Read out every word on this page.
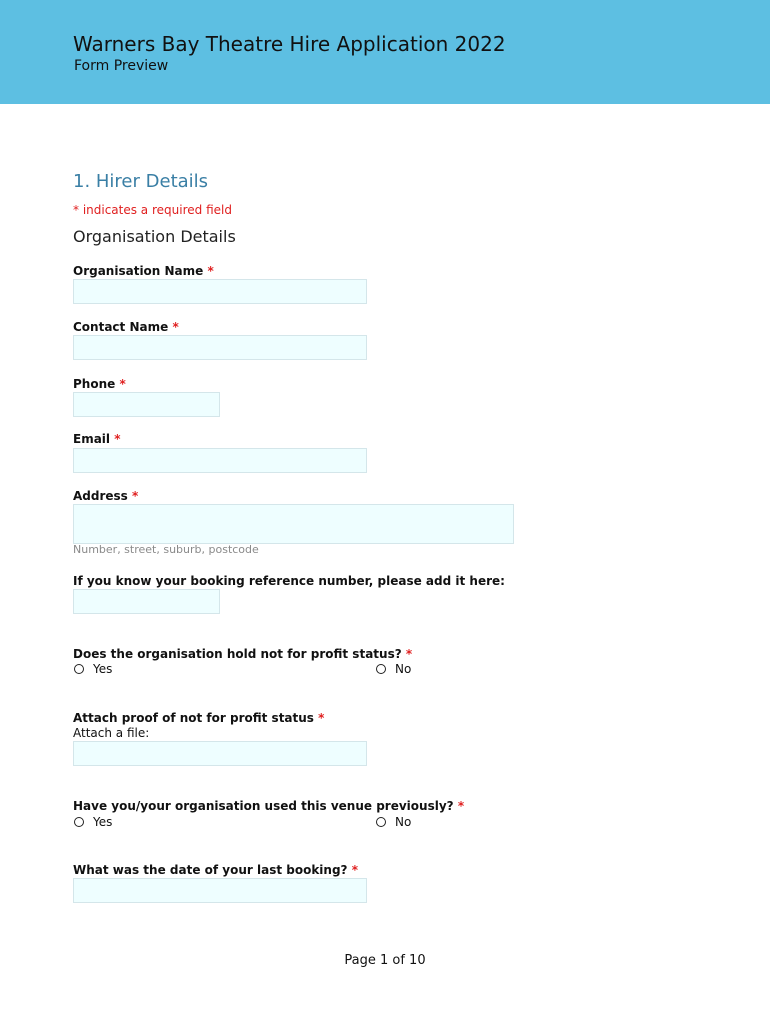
Warners Bay Theatre Hire Application 2022
Form Preview
1. Hirer Details
* indicates a required field
Organisation Details
Organisation Name *
Contact Name *
Phone *
Email *
Address *
Number, street, suburb, postcode
If you know your booking reference number, please add it here:
Does the organisation hold not for profit status? *
Yes	No
Attach proof of not for profit status *
Attach a file:
Have you/your organisation used this venue previously? *
Yes	No
What was the date of your last booking? *
Page 1 of 10
